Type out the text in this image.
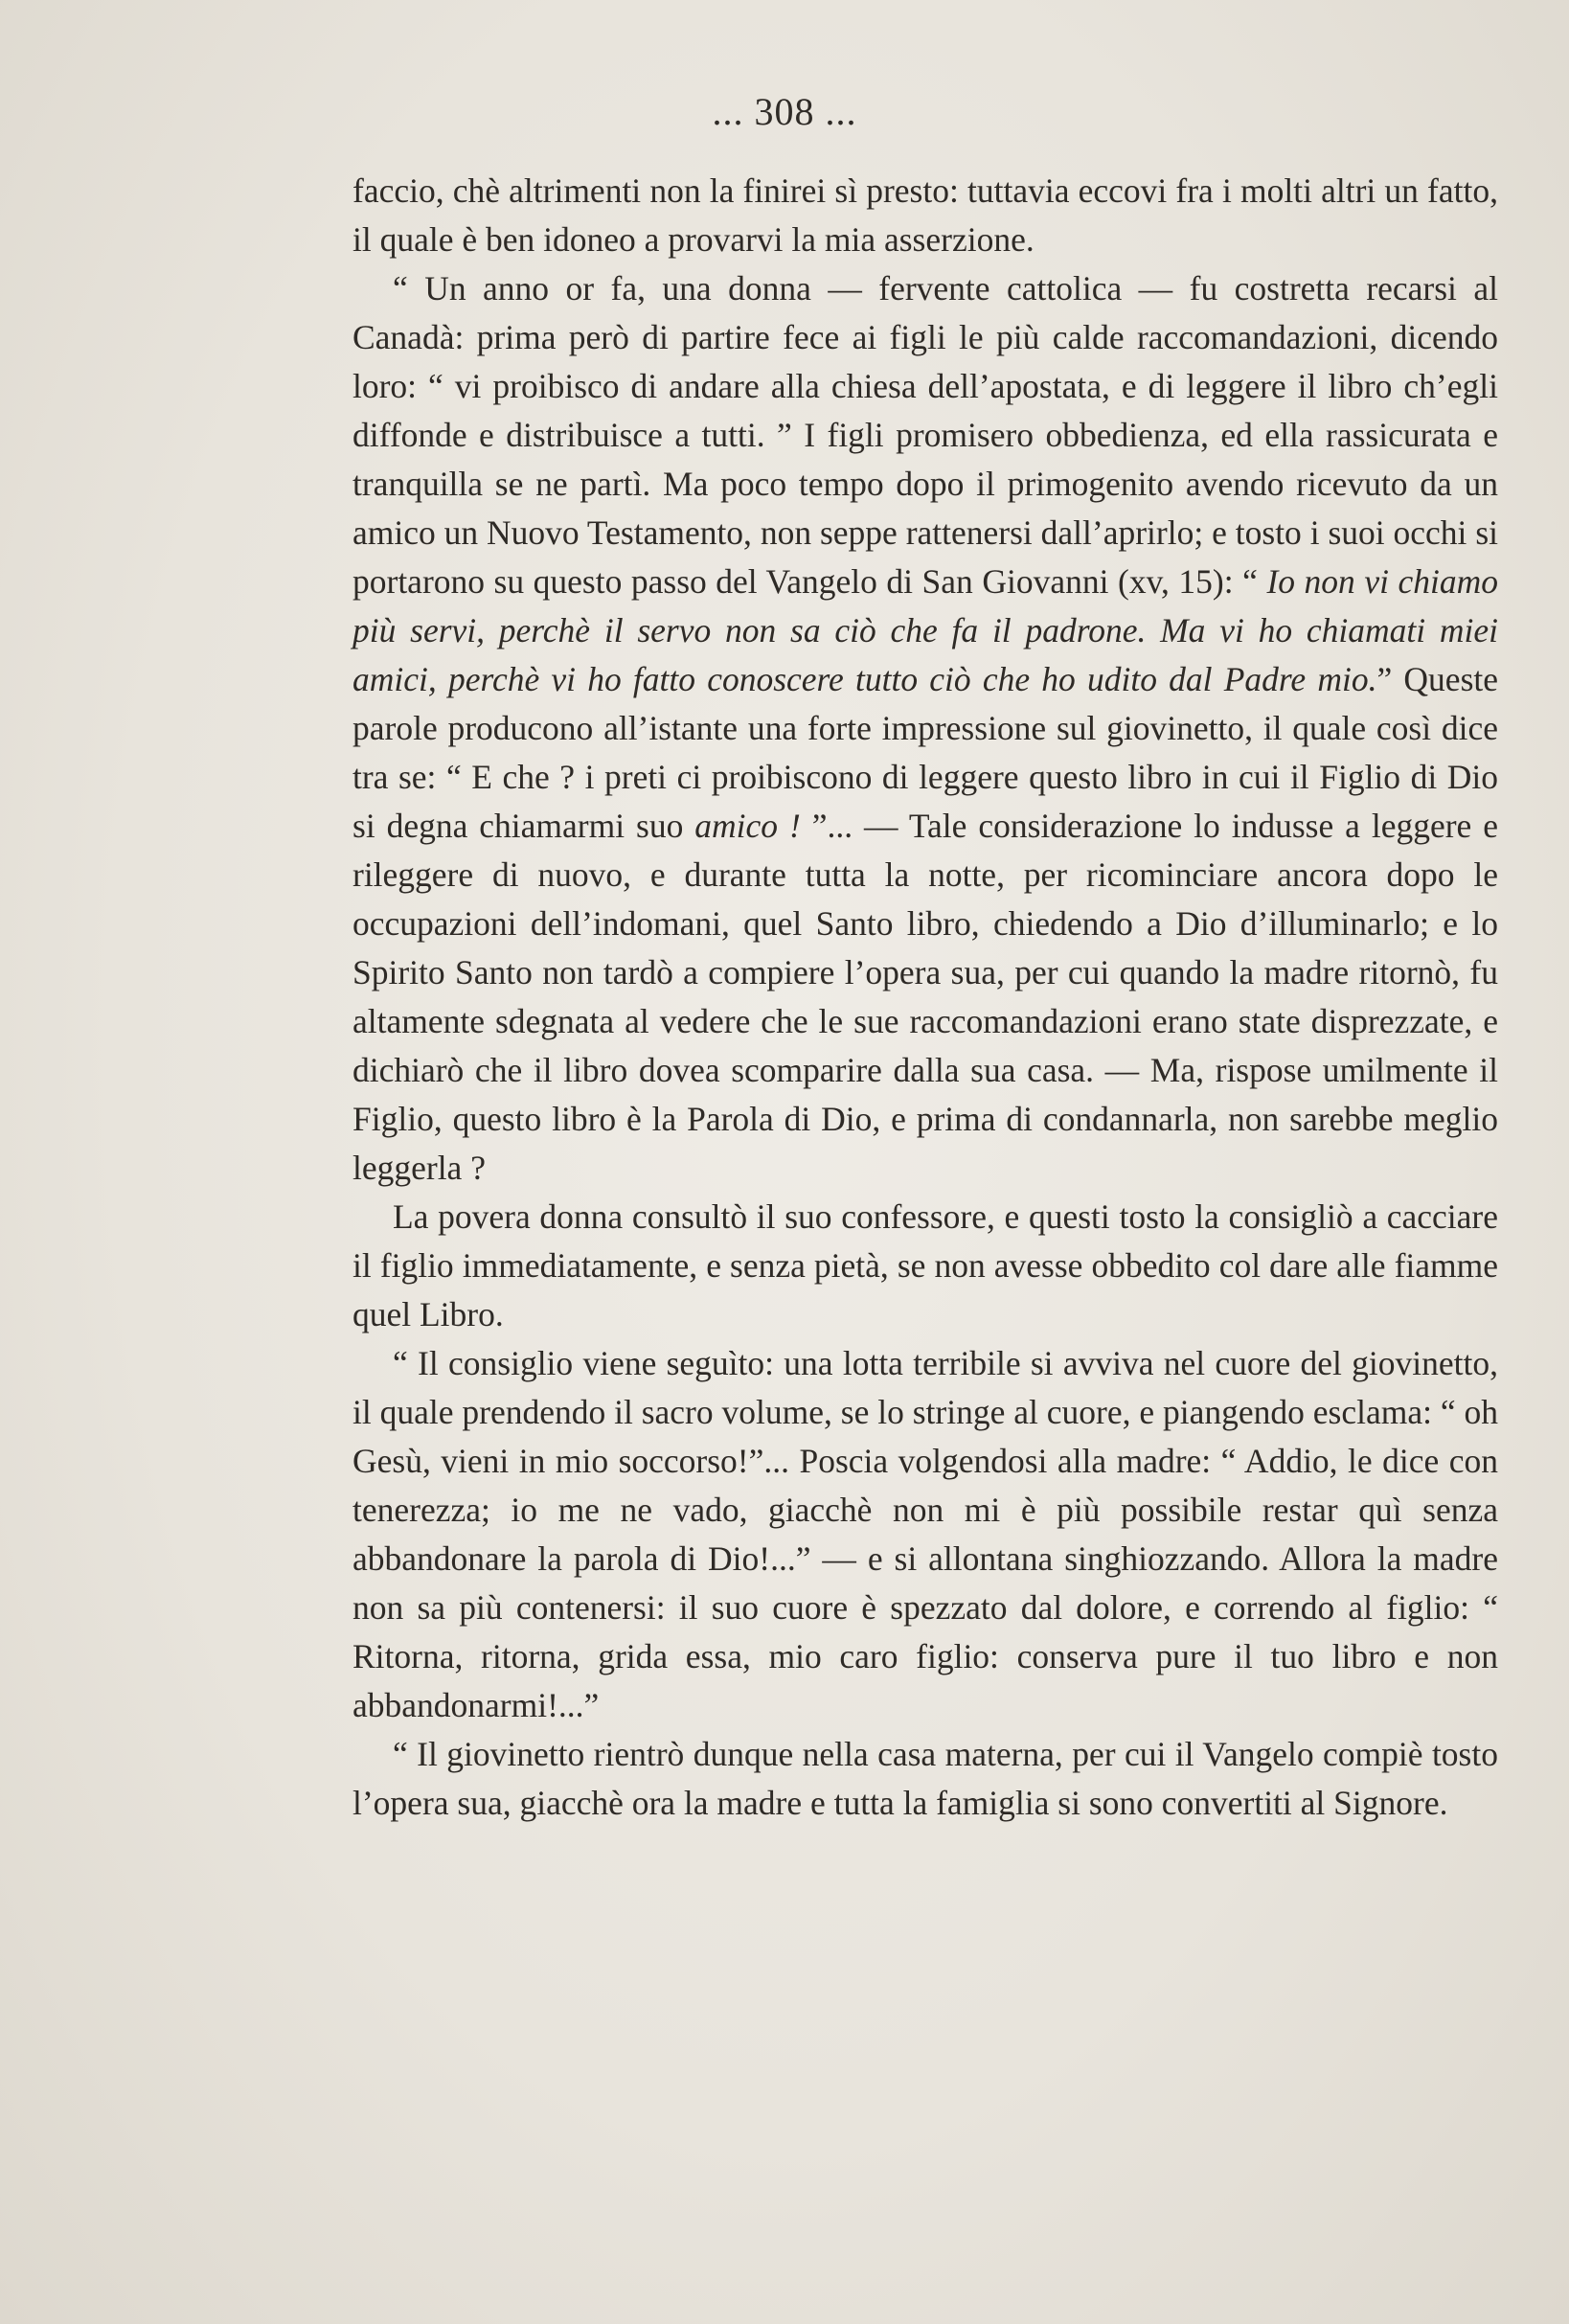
... 308 ...

faccio, chè altrimenti non la finirei sì presto: tuttavia eccovi fra i molti altri un fatto, il quale è ben idoneo a provarvi la mia asserzione.

“ Un anno or fa, una donna — fervente cattolica — fu costretta recarsi al Canadà: prima però di partire fece ai figli le più calde raccomandazioni, dicendo loro: “ vi proibisco di andare alla chiesa dell’apostata, e di leggere il libro ch’egli diffonde e distribuisce a tutti. ” I figli promisero obbedienza, ed ella rassicurata e tranquilla se ne partì. Ma poco tempo dopo il primogenito avendo ricevuto da un amico un Nuovo Testamento, non seppe rattenersi dall’aprirlo; e tosto i suoi occhi si portarono su questo passo del Vangelo di San Giovanni (xv, 15): “ Io non vi chiamo più servi, perchè il servo non sa ciò che fa il padrone. Ma vi ho chiamati miei amici, perchè vi ho fatto conoscere tutto ciò che ho udito dal Padre mio.” Queste parole producono all’istante una forte impressione sul giovinetto, il quale così dice tra se: “ E che ? i preti ci proibiscono di leggere questo libro in cui il Figlio di Dio si degna chiamarmi suo amico ! ”... — Tale considerazione lo indusse a leggere e rileggere di nuovo, e durante tutta la notte, per ricominciare ancora dopo le occupazioni dell’indomani, quel Santo libro, chiedendo a Dio d’illuminarlo; e lo Spirito Santo non tardò a compiere l’opera sua, per cui quando la madre ritornò, fu altamente sdegnata al vedere che le sue raccomandazioni erano state disprezzate, e dichiarò che il libro dovea scomparire dalla sua casa. — Ma, rispose umilmente il Figlio, questo libro è la Parola di Dio, e prima di condannarla, non sarebbe meglio leggerla ?

La povera donna consultò il suo confessore, e questi tosto la consigliò a cacciare il figlio immediatamente, e senza pietà, se non avesse obbedito col dare alle fiamme quel Libro.

“ Il consiglio viene seguìto: una lotta terribile si avviva nel cuore del giovinetto, il quale prendendo il sacro volume, se lo stringe al cuore, e piangendo esclama: “ oh Gesù, vieni in mio soccorso!”... Poscia volgendosi alla madre: “ Addio, le dice con tenerezza; io me ne vado, giacchè non mi è più possibile restar quì senza abbandonare la parola di Dio!...” — e si allontana singhiozzando. Allora la madre non sa più contenersi: il suo cuore è spezzato dal dolore, e correndo al figlio: “ Ritorna, ritorna, grida essa, mio caro figlio: conserva pure il tuo libro e non abbandonarmi!...”

“ Il giovinetto rientrò dunque nella casa materna, per cui il Vangelo compiè tosto l’opera sua, giacchè ora la madre e tutta la famiglia si sono convertiti al Signore.
